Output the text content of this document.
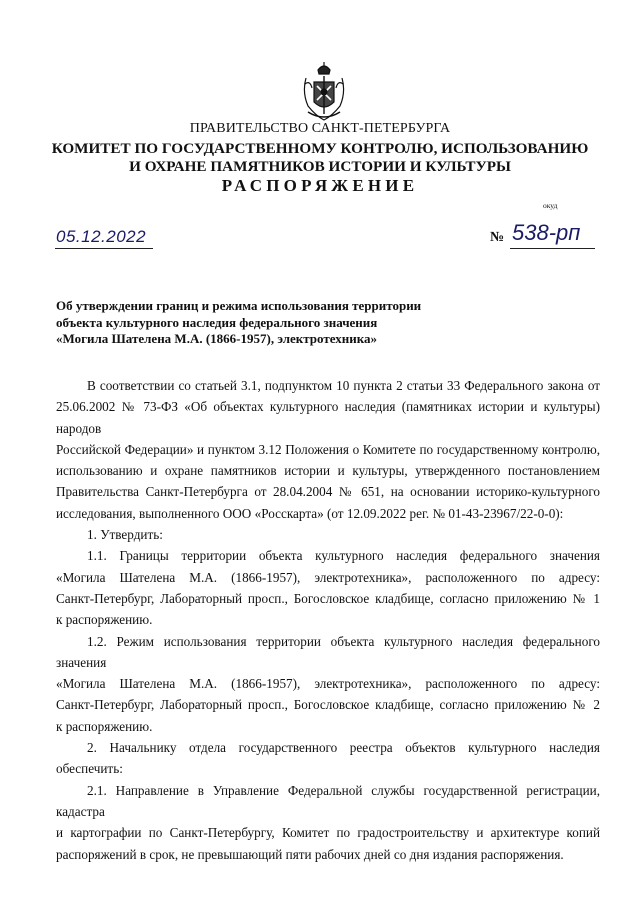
ПРАВИТЕЛЬСТВО САНКТ-ПЕТЕРБУРГА
КОМИТЕТ ПО ГОСУДАРСТВЕННОМУ КОНТРОЛЮ, ИСПОЛЬЗОВАНИЮ
И ОХРАНЕ ПАМЯТНИКОВ ИСТОРИИ И КУЛЬТУРЫ
РАСПОРЯЖЕНИЕ
окуд
05.12.2022	№ 538-рп
Об утверждении границ и режима использования территории
объекта культурного наследия федерального значения
«Могила Шателена М.А. (1866-1957), электротехника»
В соответствии со статьей 3.1, подпунктом 10 пункта 2 статьи 33 Федерального закона от
25.06.2002 № 73-ФЗ «Об объектах культурного наследия (памятниках истории и культуры) народов
Российской Федерации» и пунктом 3.12 Положения о Комитете по государственному контролю,
использованию и охране памятников истории и культуры, утвержденного постановлением
Правительства Санкт-Петербурга от 28.04.2004 № 651, на основании историко-культурного
исследования, выполненного ООО «Росскарта» (от 12.09.2022 рег. № 01-43-23967/22-0-0):
1. Утвердить:
1.1. Границы территории объекта культурного наследия федерального значения
«Могила Шателена М.А. (1866-1957), электротехника», расположенного по адресу:
Санкт-Петербург, Лабораторный просп., Богословское кладбище, согласно приложению № 1
к распоряжению.
1.2. Режим использования территории объекта культурного наследия федерального значения
«Могила Шателена М.А. (1866-1957), электротехника», расположенного по адресу:
Санкт-Петербург, Лабораторный просп., Богословское кладбище, согласно приложению № 2
к распоряжению.
2. Начальнику отдела государственного реестра объектов культурного наследия обеспечить:
2.1. Направление в Управление Федеральной службы государственной регистрации, кадастра
и картографии по Санкт-Петербургу, Комитет по градостроительству и архитектуре копий
распоряжений в срок, не превышающий пяти рабочих дней со дня издания распоряжения.
